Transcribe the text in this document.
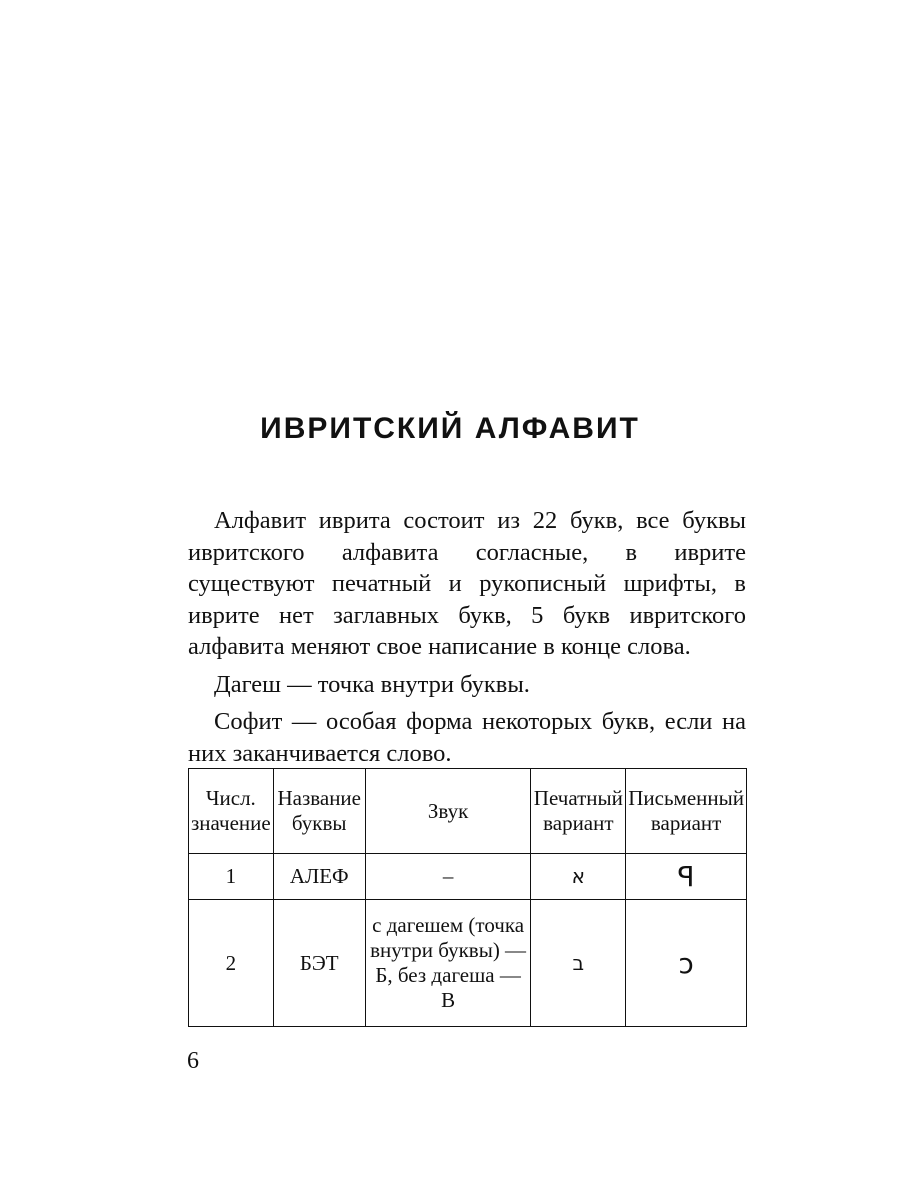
ИВРИТСКИЙ АЛФАВИТ

Алфавит иврита состоит из 22 букв, все буквы ивритского алфавита согласные, в иврите существуют печатный и рукописный шрифты, в иврите нет заглавных букв, 5 букв ивритского алфавита меняют свое написание в конце слова.

Дагеш — точка внутри буквы.

Софит — особая форма некоторых букв, если на них заканчивается слово.

Числ. значение	Название буквы	Звук	Печатный вариант	Письменный вариант
1	АЛЕФ	–	א	ꟼ
2	БЭТ	с дагешем (точка внутри буквы) — Б, без дагеша — В	ב	ɔ
6
